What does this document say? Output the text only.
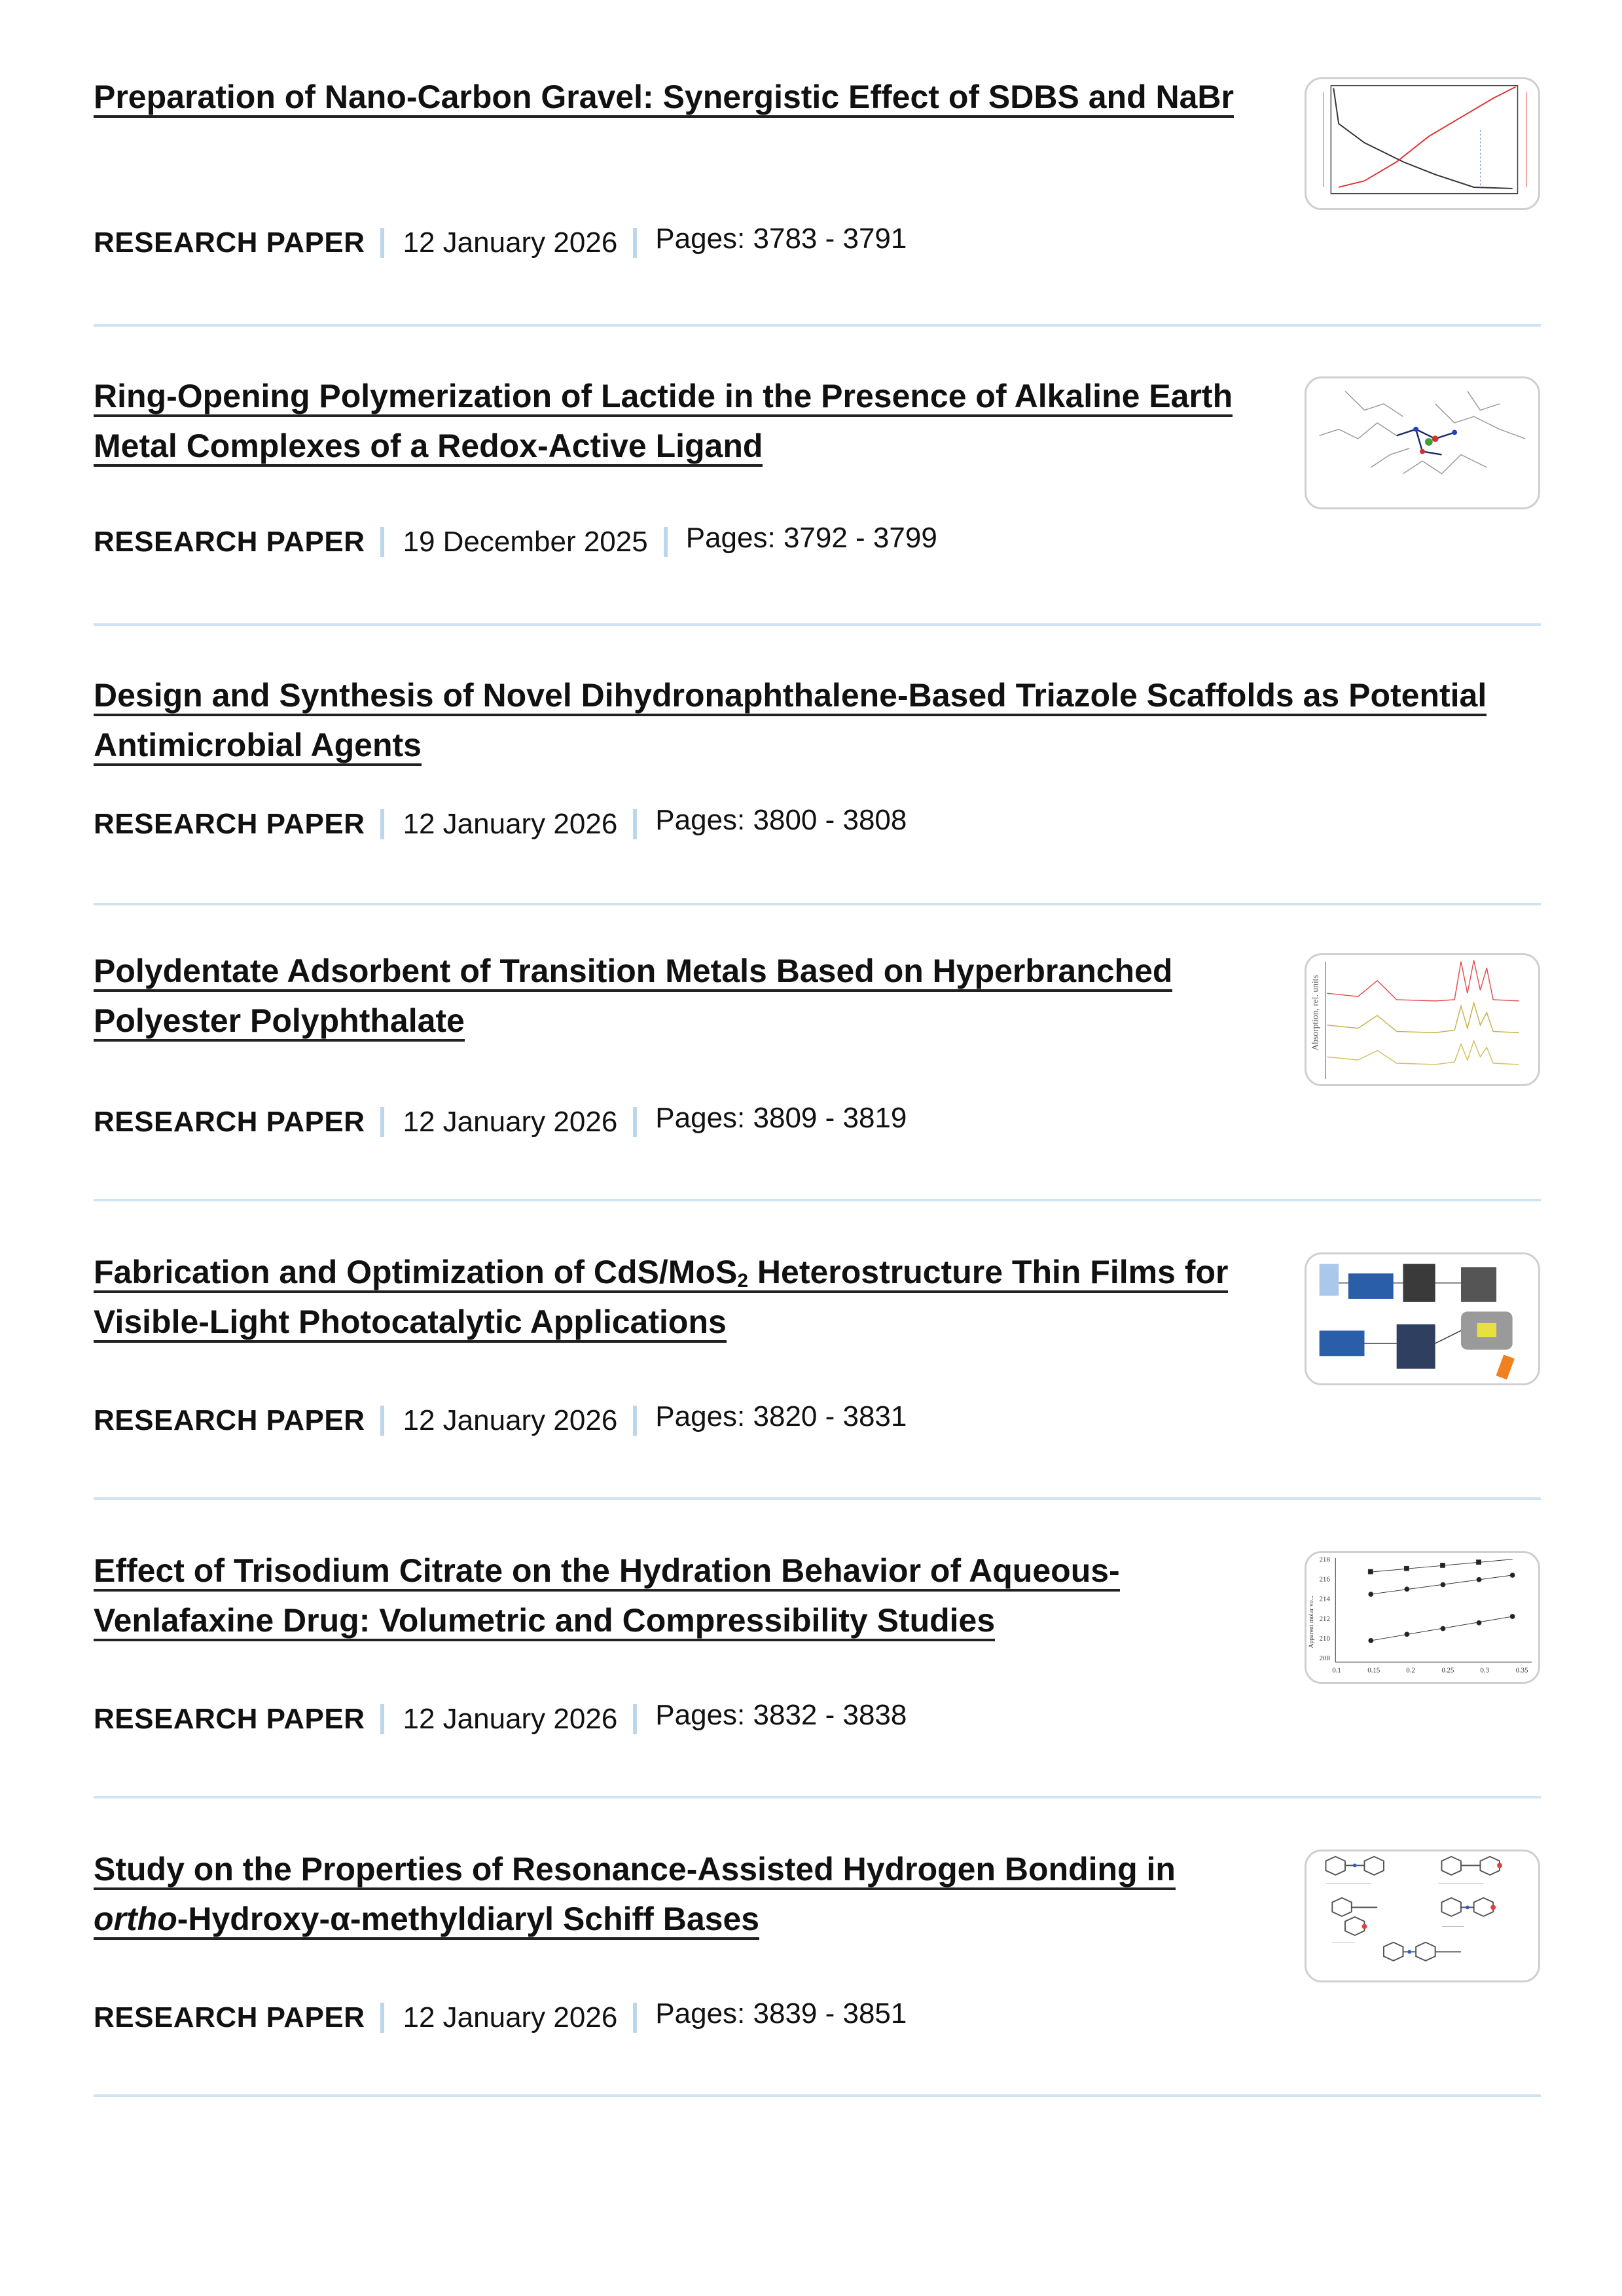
Preparation of Nano-Carbon Gravel: Synergistic Effect of SDBS and NaBr
RESEARCH PAPER 12 January 2026 Pages: 3783 - 3791
Ring-Opening Polymerization of Lactide in the Presence of Alkaline Earth Metal Complexes of a Redox-Active Ligand
RESEARCH PAPER 19 December 2025 Pages: 3792 - 3799
Design and Synthesis of Novel Dihydronaphthalene-Based Triazole Scaffolds as Potential Antimicrobial Agents
RESEARCH PAPER 12 January 2026 Pages: 3800 - 3808
Polydentate Adsorbent of Transition Metals Based on Hyperbranched Polyester Polyphthalate	Absorption, rel. units
RESEARCH PAPER 12 January 2026 Pages: 3809 - 3819
Fabrication and Optimization of CdS/MoS$_2$ Heterostructure Thin Films for Visible-Light Photocatalytic Applications
RESEARCH PAPER 12 January 2026 Pages: 3820 - 3831
Effect of Trisodium Citrate on the Hydration Behavior of Aqueous-Venlafaxine Drug: Volumetric and Compressibility Studies
218
216
214
212
210
208
0.1	0.15	0.2	0.25	0.3	0.35
Apparent molar vo...
RESEARCH PAPER 12 January 2026 Pages: 3832 - 3838
Study on the Properties of Resonance-Assisted Hydrogen Bonding in ortho-Hydroxy-α-methyldiaryl Schiff Bases
——————————	——————————
—————
—————
RESEARCH PAPER 12 January 2026 Pages: 3839 - 3851
